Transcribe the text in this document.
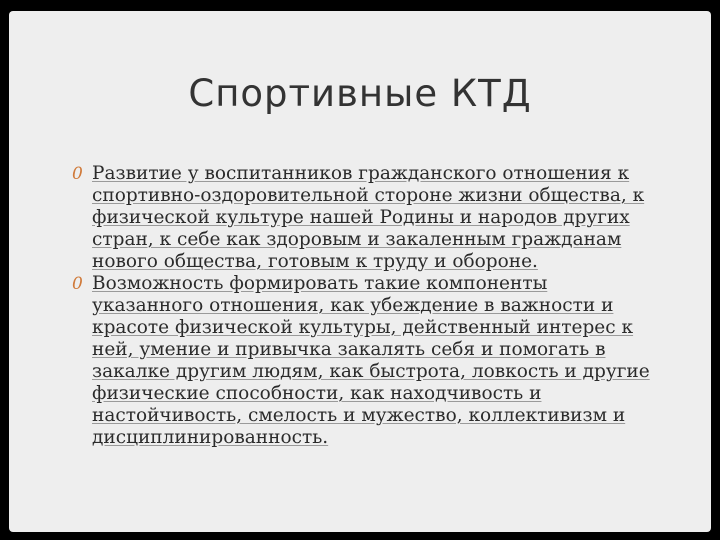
Спортивные КТД
0 Развитие у воспитанников гражданского отношения к спортивно-оздоровительной стороне жизни общества, к физической культуре нашей Родины и народов других стран, к себе как здоровым и закаленным гражданам нового общества, готовым к труду и обороне.
0 Возможность формировать такие компоненты указанного отношения, как убеждение в важности и красоте физической культуры, действенный интерес к ней, умение и привычка закалять себя и помогать в закалке другим людям, как быстрота, ловкость и другие физические способности, как находчивость и настойчивость, смелость и мужество, коллективизм и дисциплинированность.
